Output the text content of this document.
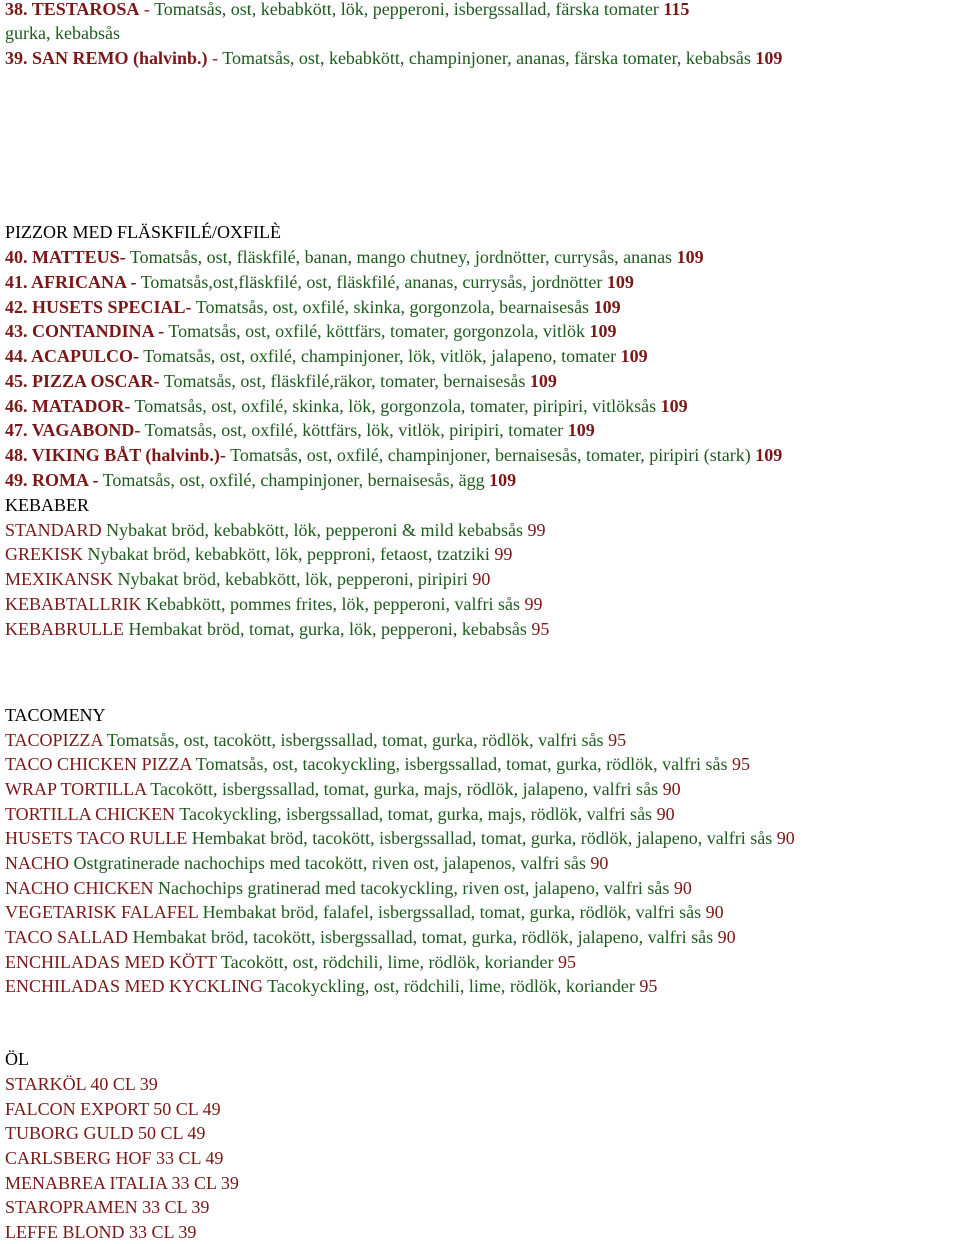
38. TESTAROSA - Tomatsås, ost, kebabkött, lök, pepperoni, isbergssallad, färska tomater 115
gurka, kebabsås
39. SAN REMO (halvinb.) - Tomatsås, ost, kebabkött, champinjoner, ananas, färska tomater, kebabsås 109
PIZZOR MED FLÄSKFILÉ/OXFILÈ
40. MATTEUS- Tomatsås, ost, fläskfilé, banan, mango chutney, jordnötter, currysås, ananas 109
41. AFRICANA - Tomatsås,ost,fläskfilé, ost, fläskfilé, ananas, currysås, jordnötter 109
42. HUSETS SPECIAL- Tomatsås, ost, oxfilé, skinka, gorgonzola, bearnaisesås 109
43. CONTANDINA - Tomatsås, ost, oxfilé, köttfärs, tomater, gorgonzola, vitlök 109
44. ACAPULCO- Tomatsås, ost, oxfilé, champinjoner, lök, vitlök, jalapeno, tomater 109
45. PIZZA OSCAR- Tomatsås, ost, fläskfilé,räkor, tomater, bernaisesås 109
46. MATADOR- Tomatsås, ost, oxfilé, skinka, lök, gorgonzola, tomater, piripiri, vitlöksås 109
47. VAGABOND- Tomatsås, ost, oxfilé, köttfärs, lök, vitlök, piripiri, tomater 109
48. VIKING BÅT (halvinb.)- Tomatsås, ost, oxfilé, champinjoner, bernaisesås, tomater, piripiri (stark) 109
49. ROMA - Tomatsås, ost, oxfilé, champinjoner, bernaisesås, ägg 109
KEBABER
STANDARD Nybakat bröd, kebabkött, lök, pepperoni & mild kebabsås 99
GREKISK Nybakat bröd, kebabkött, lök, pepproni, fetaost, tzatziki 99
MEXIKANSK Nybakat bröd, kebabkött, lök, pepperoni, piripiri 90
KEBABTALLRIK Kebabkött, pommes frites, lök, pepperoni, valfri sås 99
KEBABRULLE Hembakat bröd, tomat, gurka, lök, pepperoni, kebabsås 95
TACOMENY
TACOPIZZA Tomatsås, ost, tacokött, isbergssallad, tomat, gurka, rödlök, valfri sås 95
TACO CHICKEN PIZZA Tomatsås, ost, tacokyckling, isbergssallad, tomat, gurka, rödlök, valfri sås 95
WRAP TORTILLA Tacokött, isbergssallad, tomat, gurka, majs, rödlök, jalapeno, valfri sås 90
TORTILLA CHICKEN Tacokyckling, isbergssallad, tomat, gurka, majs, rödlök, valfri sås 90
HUSETS TACO RULLE Hembakat bröd, tacokött, isbergssallad, tomat, gurka, rödlök, jalapeno, valfri sås 90
NACHO Ostgratinerade nachochips med tacokött, riven ost, jalapenos, valfri sås 90
NACHO CHICKEN Nachochips gratinerad med tacokyckling, riven ost, jalapeno, valfri sås 90
VEGETARISK FALAFEL Hembakat bröd, falafel, isbergssallad, tomat, gurka, rödlök, valfri sås 90
TACO SALLAD Hembakat bröd, tacokött, isbergssallad, tomat, gurka, rödlök, jalapeno, valfri sås 90
ENCHILADAS MED KÖTT Tacokött, ost, rödchili, lime, rödlök, koriander 95
ENCHILADAS MED KYCKLING Tacokyckling, ost, rödchili, lime, rödlök, koriander 95
ÖL
STARKÖL 40 CL 39
FALCON EXPORT 50 CL 49
TUBORG GULD 50 CL 49
CARLSBERG HOF 33 CL 49
MENABREA ITALIA 33 CL 39
STAROPRAMEN 33 CL 39
LEFFE BLOND 33 CL 39
